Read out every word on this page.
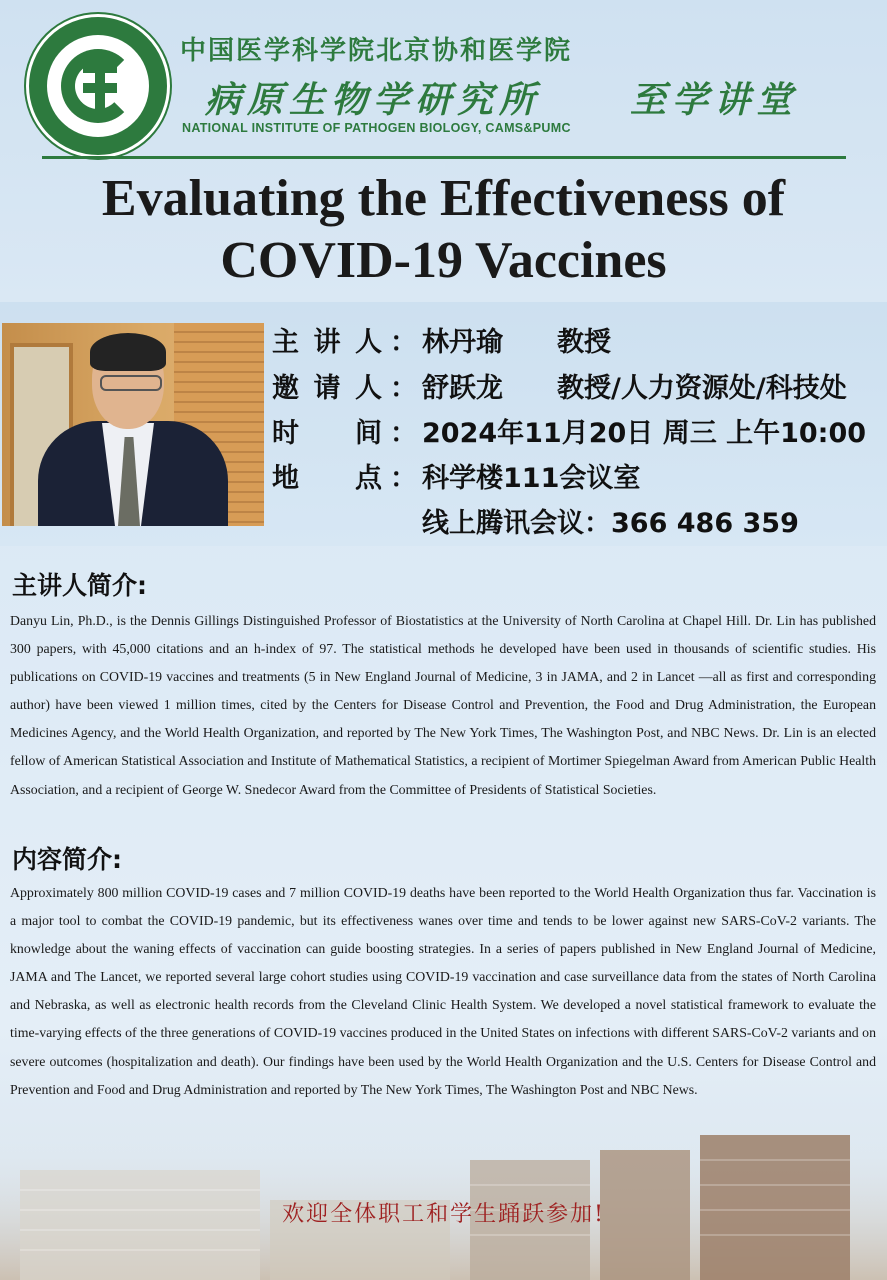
中国医学科学院北京协和医学院
病原生物学研究所 至学讲堂
NATIONAL INSTITUTE OF PATHOGEN BIOLOGY, CAMS&PUMC
Evaluating the Effectiveness of
COVID-19 Vaccines
主 讲 人 ： 林丹瑜　　教授
邀 请 人 ： 舒跃龙　　教授/人力资源处/科技处
时　　间 ： 2024年11月20日 周三 上午10:00
地　　点 ： 科学楼111会议室
线上腾讯会议：366 486 359
主讲人简介:
Danyu Lin, Ph.D., is the Dennis Gillings Distinguished Professor of Biostatistics at the University of North Carolina at Chapel Hill. Dr. Lin has published 300 papers, with 45,000 citations and an h-index of 97. The statistical methods he developed have been used in thousands of scientific studies. His publications on COVID-19 vaccines and treatments (5 in New England Journal of Medicine, 3 in JAMA, and 2 in Lancet —all as first and corresponding author) have been viewed 1 million times, cited by the Centers for Disease Control and Prevention, the Food and Drug Administration, the European Medicines Agency, and the World Health Organization, and reported by The New York Times, The Washington Post, and NBC News. Dr. Lin is an elected fellow of American Statistical Association and Institute of Mathematical Statistics, a recipient of Mortimer Spiegelman Award from American Public Health Association, and a recipient of George W. Snedecor Award from the Committee of Presidents of Statistical Societies.
内容简介:
Approximately 800 million COVID-19 cases and 7 million COVID-19 deaths have been reported to the World Health Organization thus far. Vaccination is a major tool to combat the COVID-19 pandemic, but its effectiveness wanes over time and tends to be lower against new SARS-CoV-2 variants. The knowledge about the waning effects of vaccination can guide boosting strategies. In a series of papers published in New England Journal of Medicine, JAMA and The Lancet, we reported several large cohort studies using COVID-19 vaccination and case surveillance data from the states of North Carolina and Nebraska, as well as electronic health records from the Cleveland Clinic Health System. We developed a novel statistical framework to evaluate the time-varying effects of the three generations of COVID-19 vaccines produced in the United States on infections with different SARS-CoV-2 variants and on severe outcomes (hospitalization and death). Our findings have been used by the World Health Organization and the U.S. Centers for Disease Control and Prevention and Food and Drug Administration and reported by The New York Times, The Washington Post and NBC News.
欢迎全体职工和学生踊跃参加!
